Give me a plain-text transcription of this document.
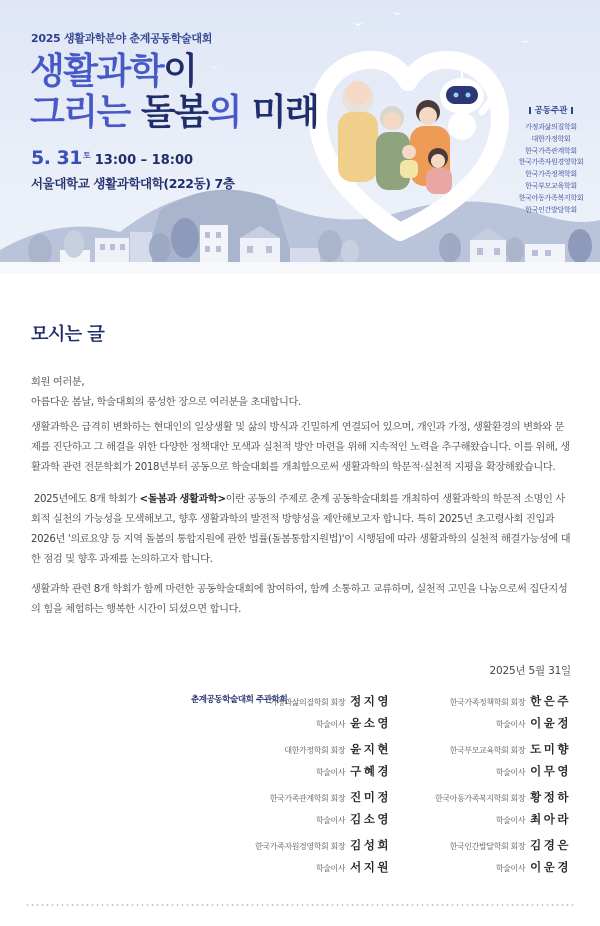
2025 생활과학분야 춘계공동학술대회
생활과학이
그리는 돌봄의 미래
5. $31^토$ 13:00 – 18:00
서울대학교 생활과학대학(222동) 7층
공동주관
가정과삶의질학회
대한가정학회
한국가족관계학회
한국가족자원경영학회
한국가족정책학회
한국부모교육학회
한국아동가족복지학회
한국인간발달학회
모시는 글
회원 여러분,
아름다운 봄날, 학술대회의 풍성한 장으로 여러분을 초대합니다.
생활과학은 급격히 변화하는 현대인의 일상생활 및 삶의 방식과 긴밀하게 연결되어 있으며, 개인과 가정, 생활환경의 변화와 문제를 진단하고 그 해결을 위한 다양한 정책대안 모색과 실천적 방안 마련을 위해 지속적인 노력을 추구해왔습니다. 이를 위해, 생활과학 관련 전문학회가 2018년부터 공동으로 학술대회를 개최함으로써 생활과학의 학문적·실천적 지평을 확장해왔습니다.
2025년에도 8개 학회가 <돌봄과 생활과학>이란 공동의 주제로 춘계 공동학술대회를 개최하여 생활과학의 학문적 소명인 사회적 실천의 가능성을 모색해보고, 향후 생활과학의 발전적 방향성을 제안해보고자 합니다. 특히 2025년 초고령사회 진입과 2026년 '의료요양 등 지역 돌봄의 통합지원에 관한 법률(돌봄통합지원법)'이 시행됨에 따라 생활과학의 실천적 해결가능성에 대한 점검 및 향후 과제를 논의하고자 합니다.
생활과학 관련 8개 학회가 함께 마련한 공동학술대회에 참여하여, 함께 소통하고 교류하며, 실천적 고민을 나눔으로써 집단지성의 힘을 체험하는 행복한 시간이 되셨으면 합니다.
2025년 5월 31일
춘계공동학술대회 주관학회
가정과삶의질학회 회장 정지영	한국가족정책학회 회장 한은주
학술이사 윤소영	학술이사 이윤정
대한가정학회 회장 윤지현	한국부모교육학회 회장 도미향
학술이사 구혜경	학술이사 이무영
한국가족관계학회 회장 진미정	한국아동가족복지학회 회장 황정하
학술이사 김소영	학술이사 최아라
한국가족자원경영학회 회장 김성희	한국인간발달학회 회장 김경은
학술이사 서지원	학술이사 이운경
